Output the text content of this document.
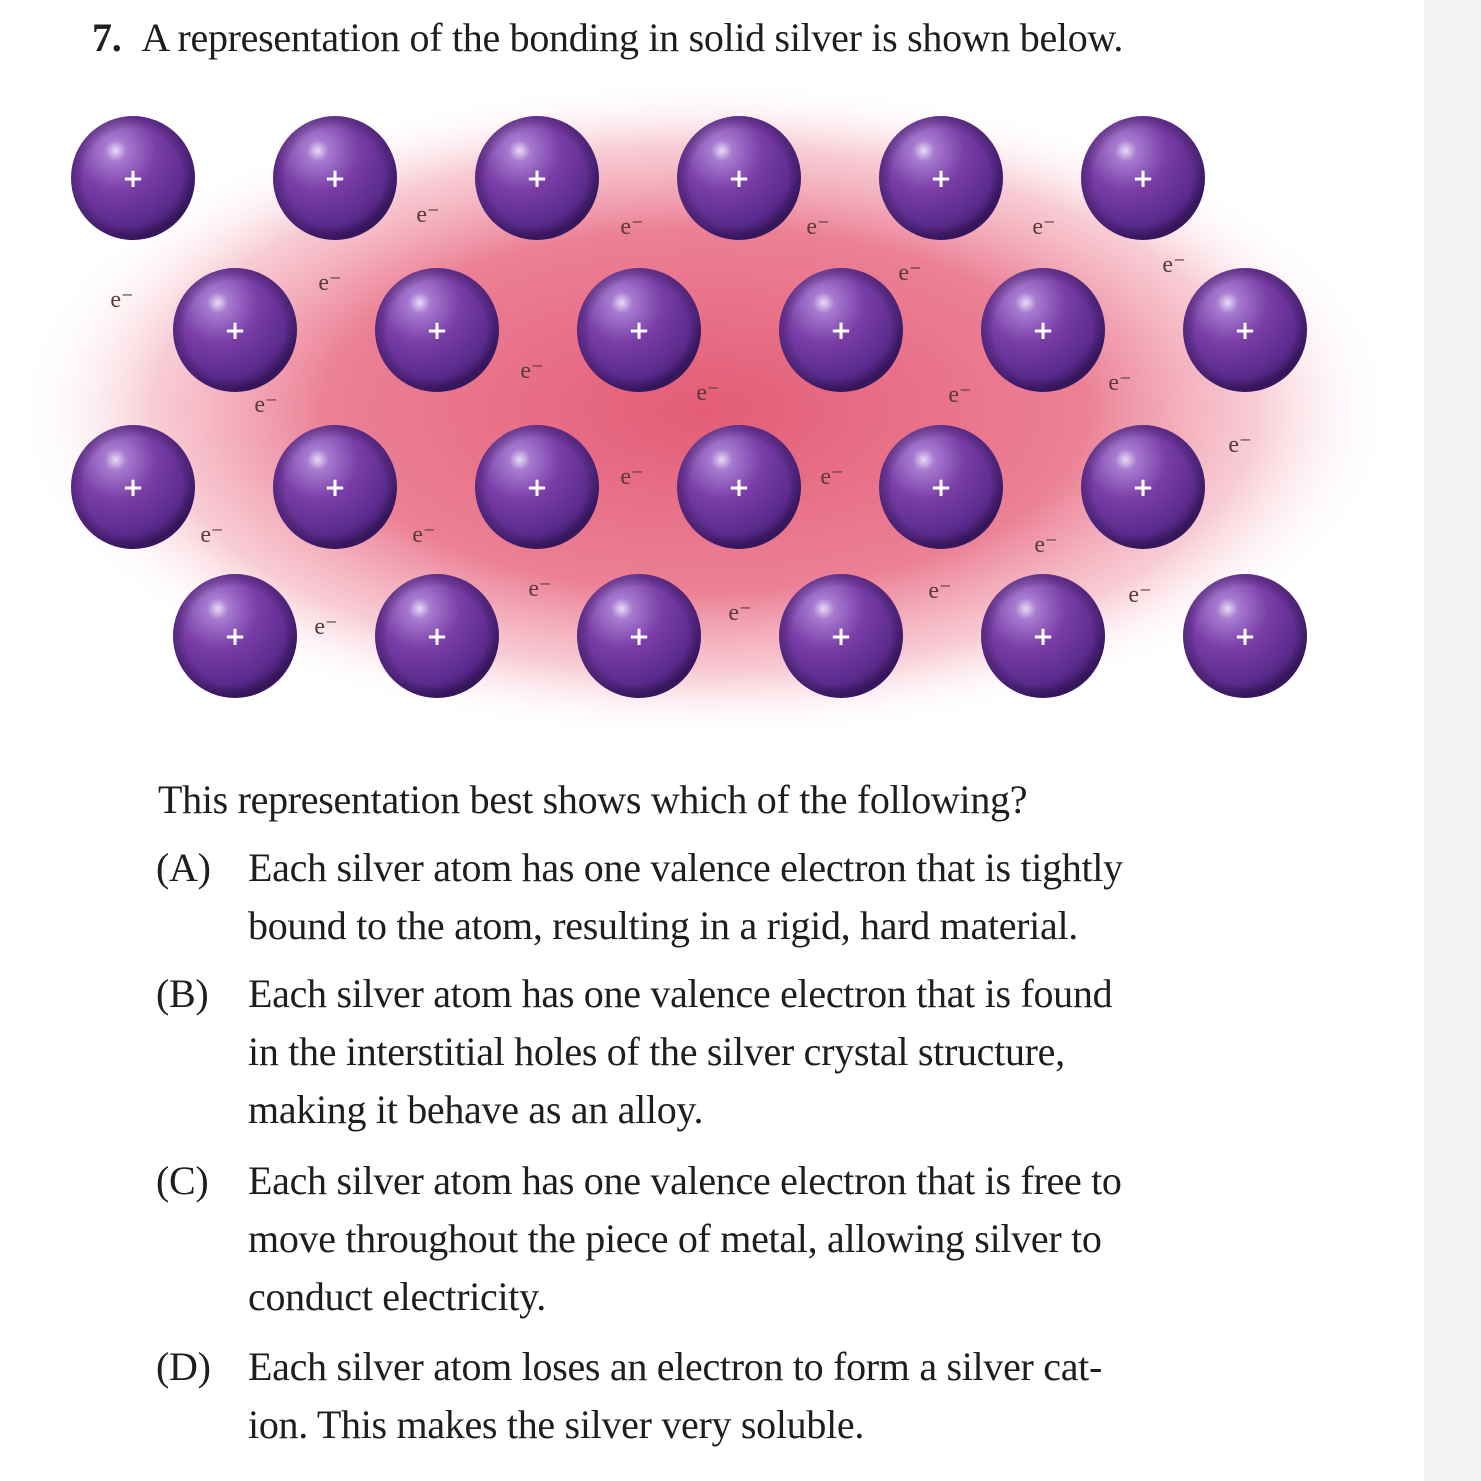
7. A representation of the bonding in solid silver is shown below.
e⁻	e⁻	e⁻	e⁻
e⁻
e⁻	e⁻	e⁻
e⁻
e⁻	e⁻	e⁻	e⁻
e⁻
e⁻	e⁻
e⁻	e⁻	e⁻
e⁻	e⁻	e⁻
e⁻
e⁻
+	+	+	+	+	+
+	+	+	+	+	+
+	+	+	+	+	+
+	+	+	+	+	+
This representation best shows which of the following?
(A) Each silver atom has one valence electron that is tightly
bound to the atom, resulting in a rigid, hard material.
(B) Each silver atom has one valence electron that is found
in the interstitial holes of the silver crystal structure,
making it behave as an alloy.
(C) Each silver atom has one valence electron that is free to
move throughout the piece of metal, allowing silver to
conduct electricity.
(D) Each silver atom loses an electron to form a silver cat-
ion. This makes the silver very soluble.
